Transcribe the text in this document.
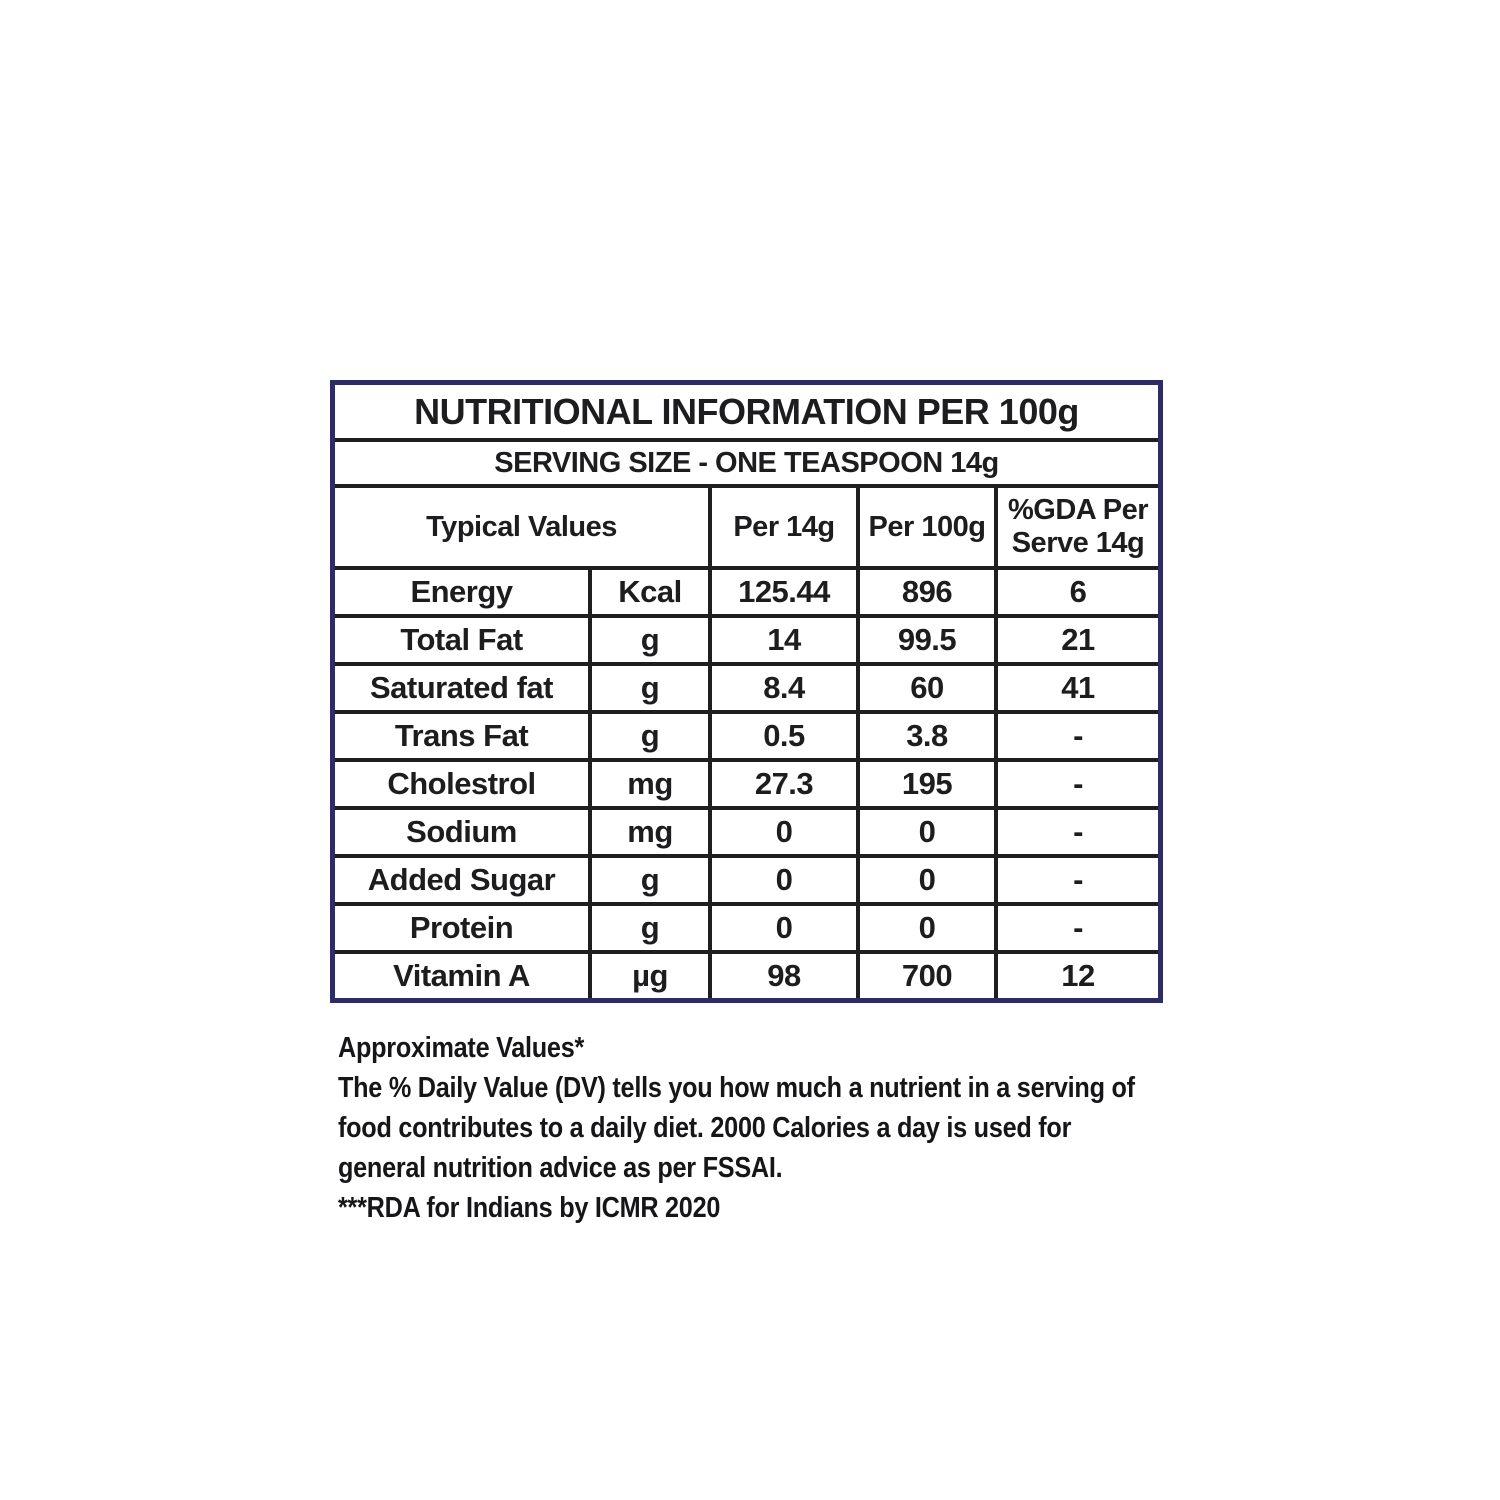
NUTRITIONAL INFORMATION PER 100g				
SERVING SIZE - ONE TEASPOON 14g				
Typical Values		Per 14g	Per 100g	%GDA Per Serve 14g
Energy	Kcal	125.44	896	6
Total Fat	g	14	99.5	21
Saturated fat	g	8.4	60	41
Trans Fat	g	0.5	3.8	-
Cholestrol	mg	27.3	195	-
Sodium	mg	0	0	-
Added Sugar	g	0	0	-
Protein	g	0	0	-
Vitamin A	µg	98	700	12
Approximate Values*
The % Daily Value (DV) tells you how much a nutrient in a serving of
food contributes to a daily diet. 2000 Calories a day is used for
general nutrition advice as per FSSAI.
***RDA for Indians by ICMR 2020
